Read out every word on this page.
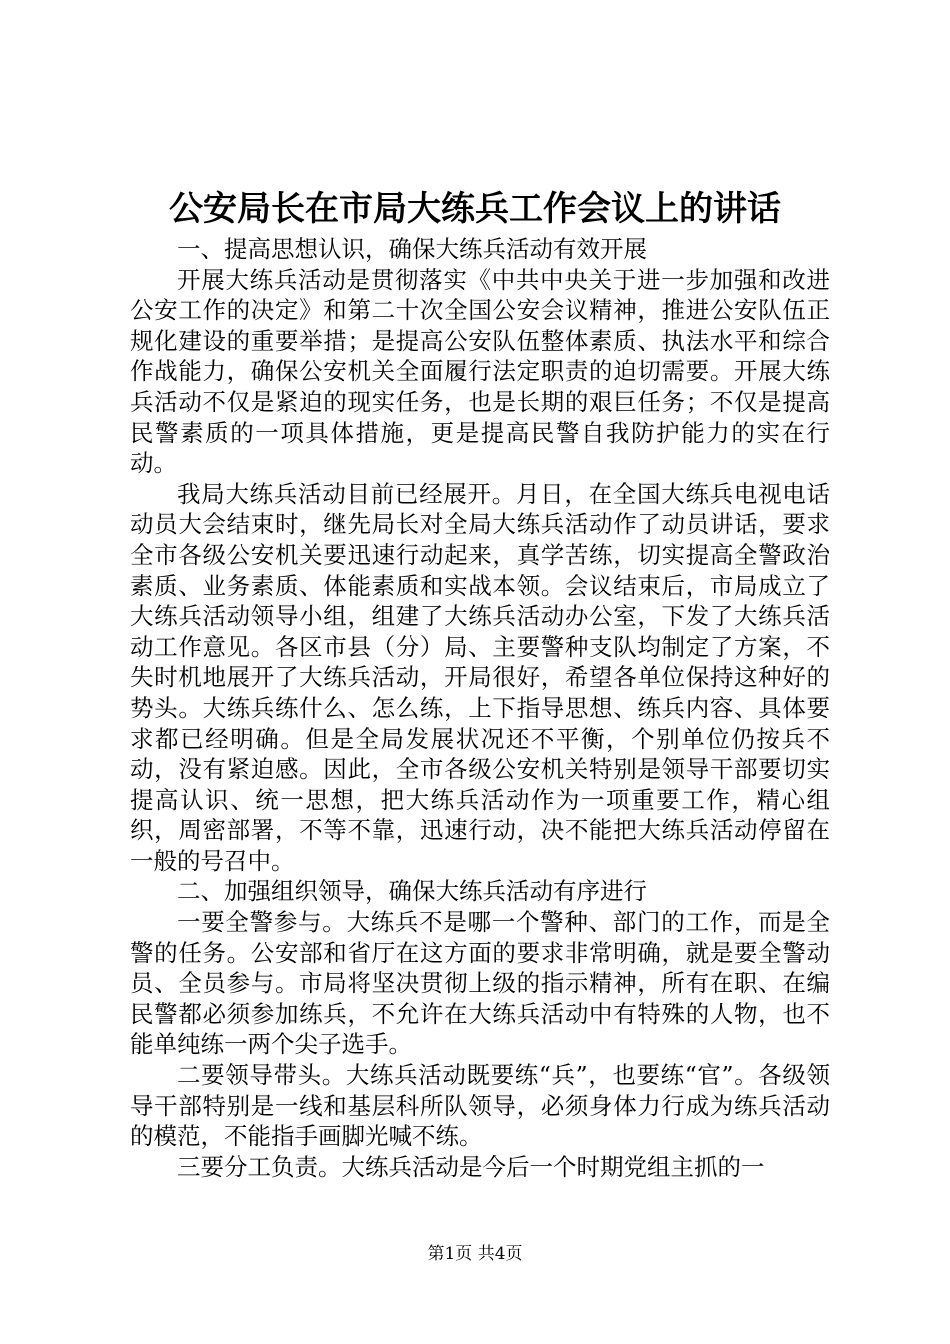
公安局长在市局大练兵工作会议上的讲话

一、提高思想认识，确保大练兵活动有效开展

开展大练兵活动是贯彻落实《中共中央关于进一步加强和改进公安工作的决定》和第二十次全国公安会议精神，推进公安队伍正规化建设的重要举措；是提高公安队伍整体素质、执法水平和综合作战能力，确保公安机关全面履行法定职责的迫切需要。开展大练兵活动不仅是紧迫的现实任务，也是长期的艰巨任务；不仅是提高民警素质的一项具体措施，更是提高民警自我防护能力的实在行动。

我局大练兵活动目前已经展开。月日，在全国大练兵电视电话动员大会结束时，继先局长对全局大练兵活动作了动员讲话，要求全市各级公安机关要迅速行动起来，真学苦练，切实提高全警政治素质、业务素质、体能素质和实战本领。会议结束后，市局成立了大练兵活动领导小组，组建了大练兵活动办公室，下发了大练兵活动工作意见。各区市县（分）局、主要警种支队均制定了方案，不失时机地展开了大练兵活动，开局很好，希望各单位保持这种好的势头。大练兵练什么、怎么练，上下指导思想、练兵内容、具体要求都已经明确。但是全局发展状况还不平衡，个别单位仍按兵不动，没有紧迫感。因此，全市各级公安机关特别是领导干部要切实提高认识、统一思想，把大练兵活动作为一项重要工作，精心组织，周密部署，不等不靠，迅速行动，决不能把大练兵活动停留在一般的号召中。

二、加强组织领导，确保大练兵活动有序进行

一要全警参与。大练兵不是哪一个警种、部门的工作，而是全警的任务。公安部和省厅在这方面的要求非常明确，就是要全警动员、全员参与。市局将坚决贯彻上级的指示精神，所有在职、在编民警都必须参加练兵，不允许在大练兵活动中有特殊的人物，也不能单纯练一两个尖子选手。

二要领导带头。大练兵活动既要练“兵”，也要练“官”。各级领导干部特别是一线和基层科所队领导，必须身体力行成为练兵活动的模范，不能指手画脚光喊不练。

三要分工负责。大练兵活动是今后一个时期党组主抓的一

第1页 共4页
